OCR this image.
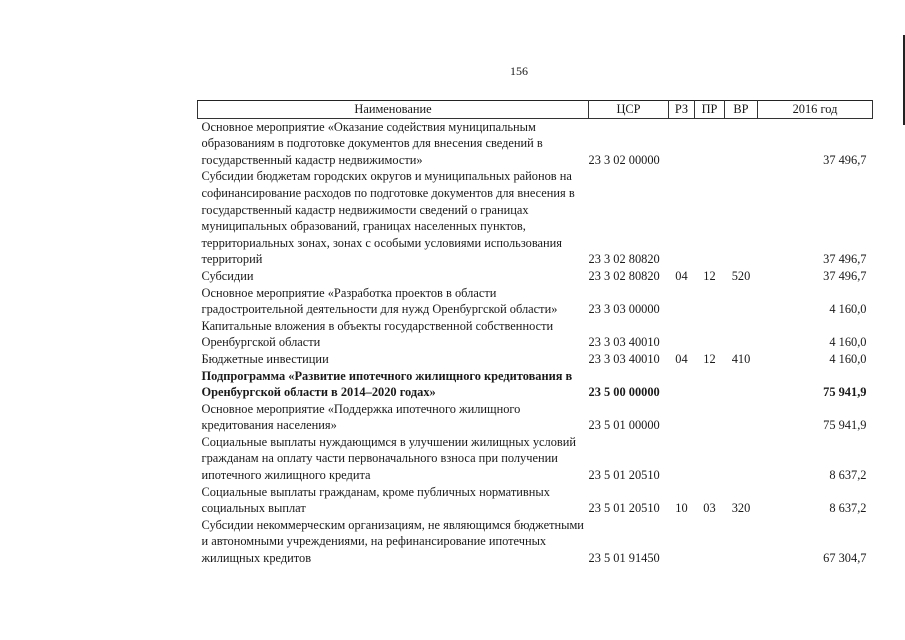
156
Наименование	ЦСР	РЗ	ПР	ВР	2016 год
Основное мероприятие «Оказание содействия муниципальным образованиям в подготовке документов для внесения сведений в государственный кадастр недвижимости»	23 3 02 00000				37 496,7
Субсидии бюджетам городских округов и муниципальных районов на софинансирование расходов по подготовке документов для внесения в государственный кадастр недвижимости сведений о границах муниципальных образований, границах населенных пунктов, территориальных зонах, зонах с особыми условиями использования территорий	23 3 02 80820				37 496,7
Субсидии	23 3 02 80820	04	12	520	37 496,7
Основное мероприятие «Разработка проектов в области градостроительной деятельности для нужд Оренбургской области»	23 3 03 00000				4 160,0
Капитальные вложения в объекты государственной собственности Оренбургской области	23 3 03 40010				4 160,0
Бюджетные инвестиции	23 3 03 40010	04	12	410	4 160,0
Подпрограмма «Развитие ипотечного жилищного кредитования в Оренбургской области в 2014–2020 годах»	23 5 00 00000				75 941,9
Основное мероприятие «Поддержка ипотечного жилищного кредитования населения»	23 5 01 00000				75 941,9
Социальные выплаты нуждающимся в улучшении жилищных условий гражданам на оплату части первоначального взноса при получении ипотечного жилищного кредита	23 5 01 20510				8 637,2
Социальные выплаты гражданам, кроме публичных нормативных социальных выплат	23 5 01 20510	10	03	320	8 637,2
Субсидии некоммерческим организациям, не являющимся бюджетными и автономными учреждениями, на рефинансирование ипотечных жилищных кредитов	23 5 01 91450				67 304,7
